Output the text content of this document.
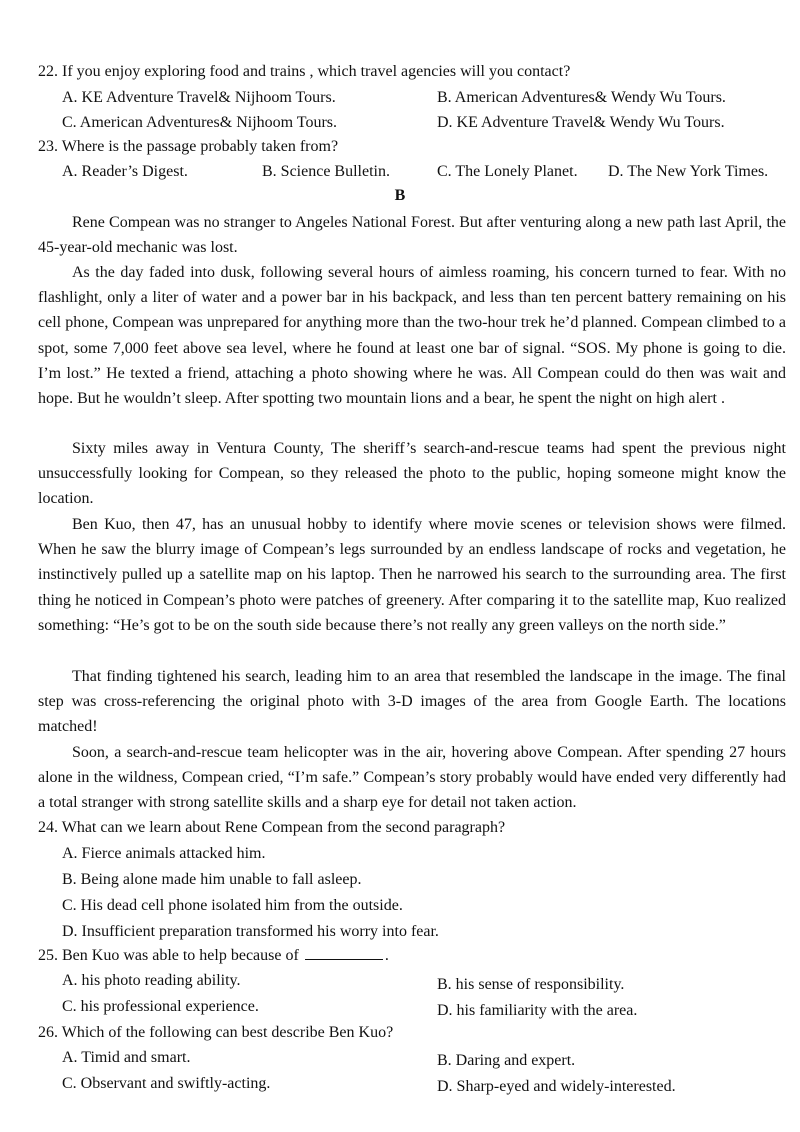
22. If you enjoy exploring food and trains , which travel agencies will you contact?
A. KE Adventure Travel& Nijhoom Tours.	B. American Adventures& Wendy Wu Tours.
C. American Adventures& Nijhoom Tours.	D. KE Adventure Travel& Wendy Wu Tours.
23. Where is the passage probably taken from?
A. Reader’s Digest.	B. Science Bulletin.	C. The Lonely Planet. D. The New York Times.
B

Rene Compean was no stranger to Angeles National Forest. But after venturing along a new path last April, the 45-year-old mechanic was lost.

As the day faded into dusk, following several hours of aimless roaming, his concern turned to fear. With no flashlight, only a liter of water and a power bar in his backpack, and less than ten percent battery remaining on his cell phone, Compean was unprepared for anything more than the two-hour trek he’d planned. Compean climbed to a spot, some 7,000 feet above sea level, where he found at least one bar of signal. “SOS. My phone is going to die. I’m lost.” He texted a friend, attaching a photo showing where he was. All Compean could do then was wait and hope. But he wouldn’t sleep. After spotting two mountain lions and a bear, he spent the night on high alert .

Sixty miles away in Ventura County, The sheriff’s search-and-rescue teams had spent the previous night unsuccessfully looking for Compean, so they released the photo to the public, hoping someone might know the location.

Ben Kuo, then 47, has an unusual hobby to identify where movie scenes or television shows were filmed. When he saw the blurry image of Compean’s legs surrounded by an endless landscape of rocks and vegetation, he instinctively pulled up a satellite map on his laptop. Then he narrowed his search to the surrounding area. The first thing he noticed in Compean’s photo were patches of greenery. After comparing it to the satellite map, Kuo realized something: “He’s got to be on the south side because there’s not really any green valleys on the north side.”

That finding tightened his search, leading him to an area that resembled the landscape in the image. The final step was cross-referencing the original photo with 3-D images of the area from Google Earth. The locations matched!

Soon, a search-and-rescue team helicopter was in the air, hovering above Compean. After spending 27 hours alone in the wildness, Compean cried, “I’m safe.” Compean’s story probably would have ended very differently had a total stranger with strong satellite skills and a sharp eye for detail not taken action.

24. What can we learn about Rene Compean from the second paragraph?
A. Fierce animals attacked him.
B. Being alone made him unable to fall asleep.
C. His dead cell phone isolated him from the outside.
D. Insufficient preparation transformed his worry into fear.
25. Ben Kuo was able to help because of	.
A. his photo reading ability.	B. his sense of responsibility.
C. his professional experience.	D. his familiarity with the area.
26. Which of the following can best describe Ben Kuo?
A. Timid and smart.	B. Daring and expert.
C. Observant and swiftly-acting.	D. Sharp-eyed and widely-interested.
